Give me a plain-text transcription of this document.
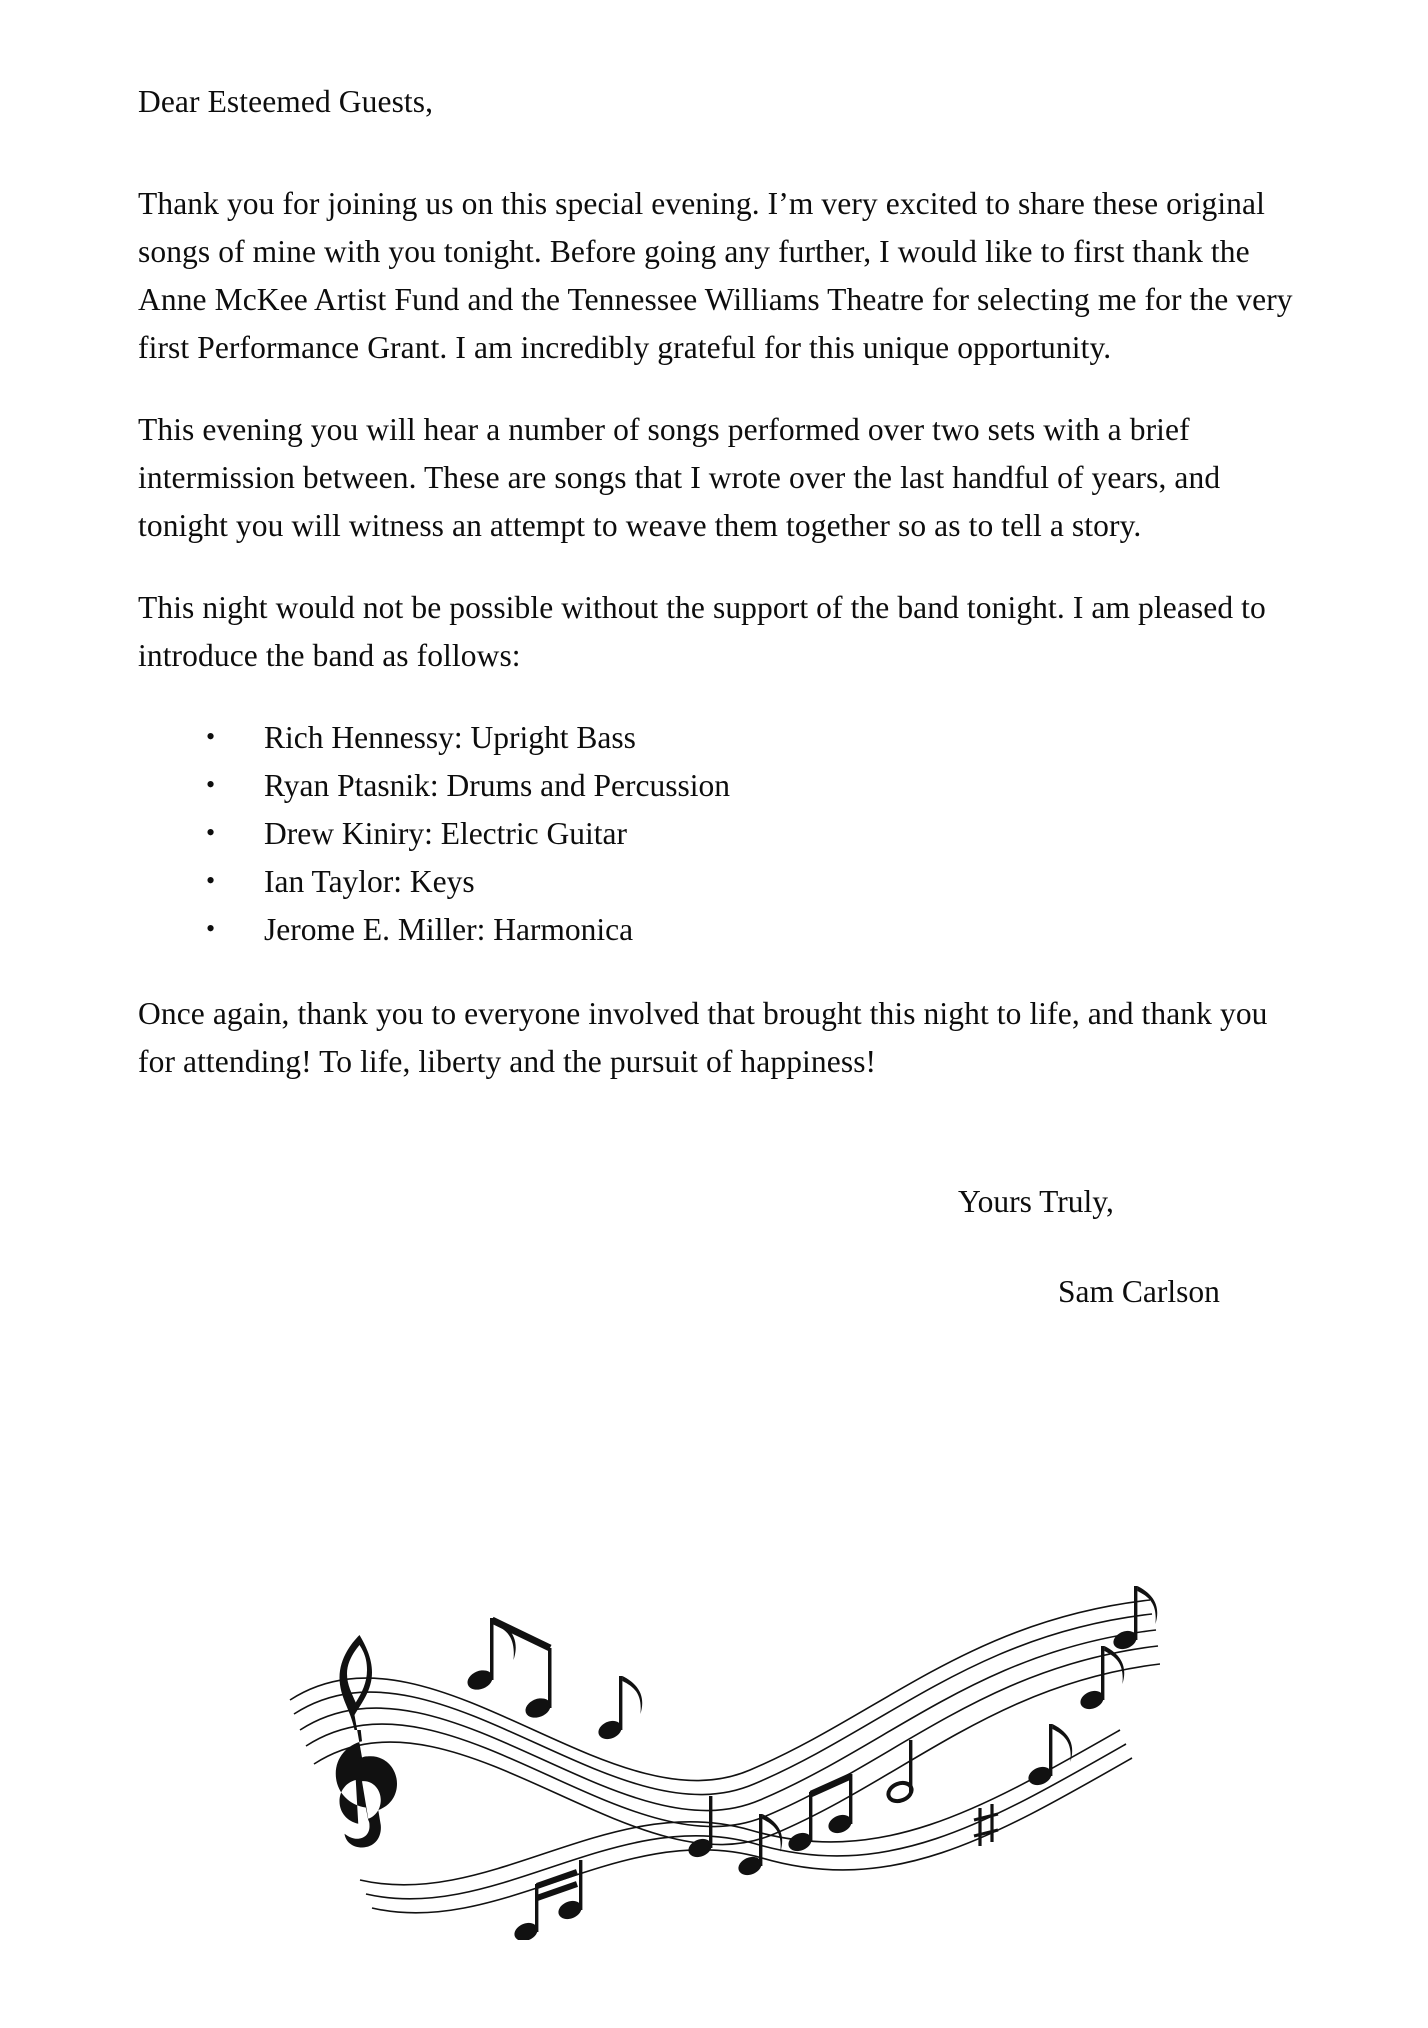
Dear Esteemed Guests,

Thank you for joining us on this special evening. I’m very excited to share these original songs of mine with you tonight. Before going any further, I would like to first thank the Anne McKee Artist Fund and the Tennessee Williams Theatre for selecting me for the very first Performance Grant. I am incredibly grateful for this unique opportunity.

This evening you will hear a number of songs performed over two sets with a brief intermission between. These are songs that I wrote over the last handful of years, and tonight you will witness an attempt to weave them together so as to tell a story.

This night would not be possible without the support of the band tonight. I am pleased to introduce the band as follows:

• Rich Hennessy: Upright Bass
• Ryan Ptasnik: Drums and Percussion
• Drew Kiniry: Electric Guitar
• Ian Taylor: Keys
• Jerome E. Miller: Harmonica

Once again, thank you to everyone involved that brought this night to life, and thank you for attending! To life, liberty and the pursuit of happiness!

Yours Truly,

Sam Carlson
